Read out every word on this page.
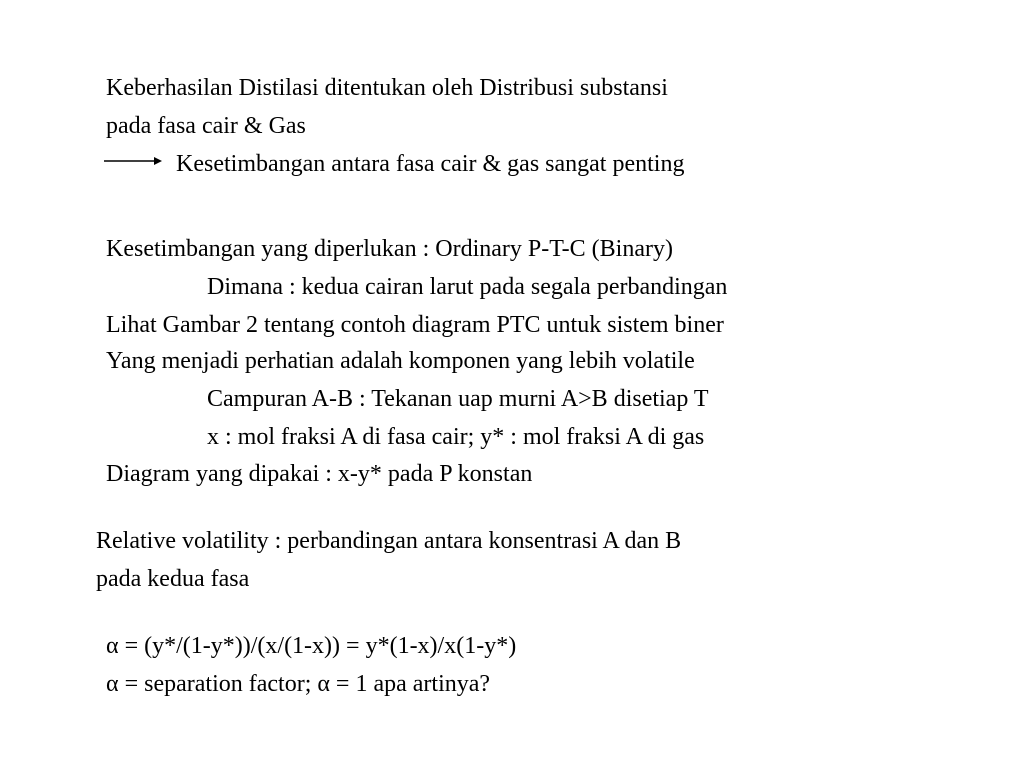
Keberhasilan Distilasi ditentukan oleh Distribusi substansi
pada fasa cair & Gas
Kesetimbangan antara fasa cair & gas sangat penting
Kesetimbangan yang diperlukan : Ordinary P-T-C (Binary)
Dimana : kedua cairan larut pada segala perbandingan
Lihat Gambar 2 tentang contoh diagram PTC untuk sistem biner
Yang menjadi perhatian adalah komponen yang lebih volatile
Campuran A-B : Tekanan uap murni A>B disetiap T
x : mol fraksi A di fasa cair; y* : mol fraksi A di gas
Diagram yang dipakai : x-y* pada P konstan
Relative volatility : perbandingan antara konsentrasi A dan B
pada kedua fasa
α = (y*/(1-y*))/(x/(1-x)) = y*(1-x)/x(1-y*)
α = separation factor; α = 1 apa artinya?
